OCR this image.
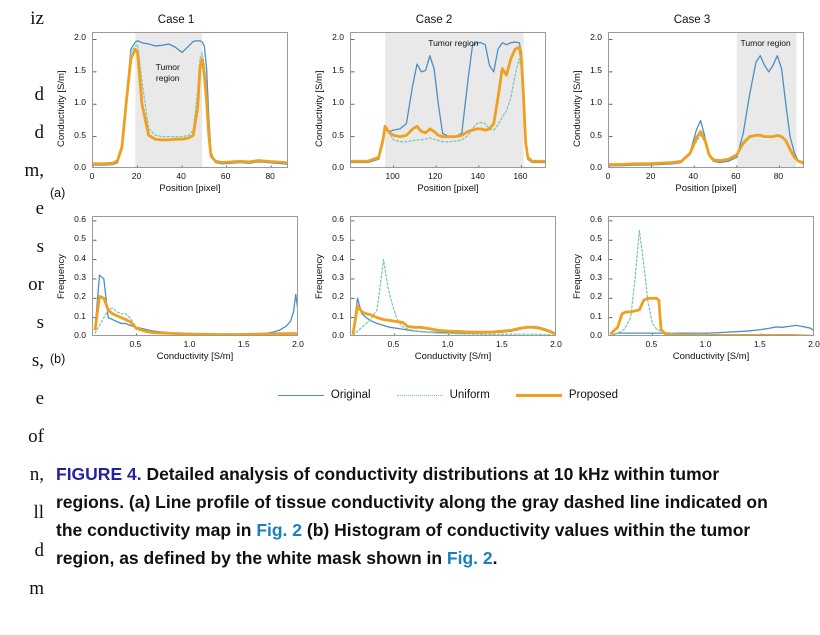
iz
d
d
m,
e
s
or
s
s,
e
of
n,
ll
d
m
Case 1
0.0
0.5
1.0
1.5
2.0
0	20	40	60	80
Conductivity [S/m]
Position [pixel]
Tumor
region
Case 2
0.0
0.5
1.0
1.5
2.0
100	120	140	160
Conductivity [S/m]
Position [pixel]
Tumor region
Case 3
0.0
0.5
1.0
1.5
2.0
0	20	40	60	80
Conductivity [S/m]
Position [pixel]
Tumor region
0.0
0.1
0.2
0.3
0.4
0.5
0.6
0.5	1.0	1.5	2.0
Frequency
Conductivity [S/m]
0.0
0.1
0.2
0.3
0.4
0.5
0.6
0.5	1.0	1.5	2.0
Frequency
Conductivity [S/m]
0.0
0.1
0.2
0.3
0.4
0.5
0.6
0.5	1.0	1.5	2.0
Frequency
Conductivity [S/m]
(a)
(b)
Original	Uniform	Proposed
FIGURE 4. Detailed analysis of conductivity distributions at 10 kHz within tumor regions. (a) Line profile of tissue conductivity along the gray dashed line indicated on the conductivity map in Fig. 2 (b) Histogram of conductivity values within the tumor region, as defined by the white mask shown in Fig. 2.
